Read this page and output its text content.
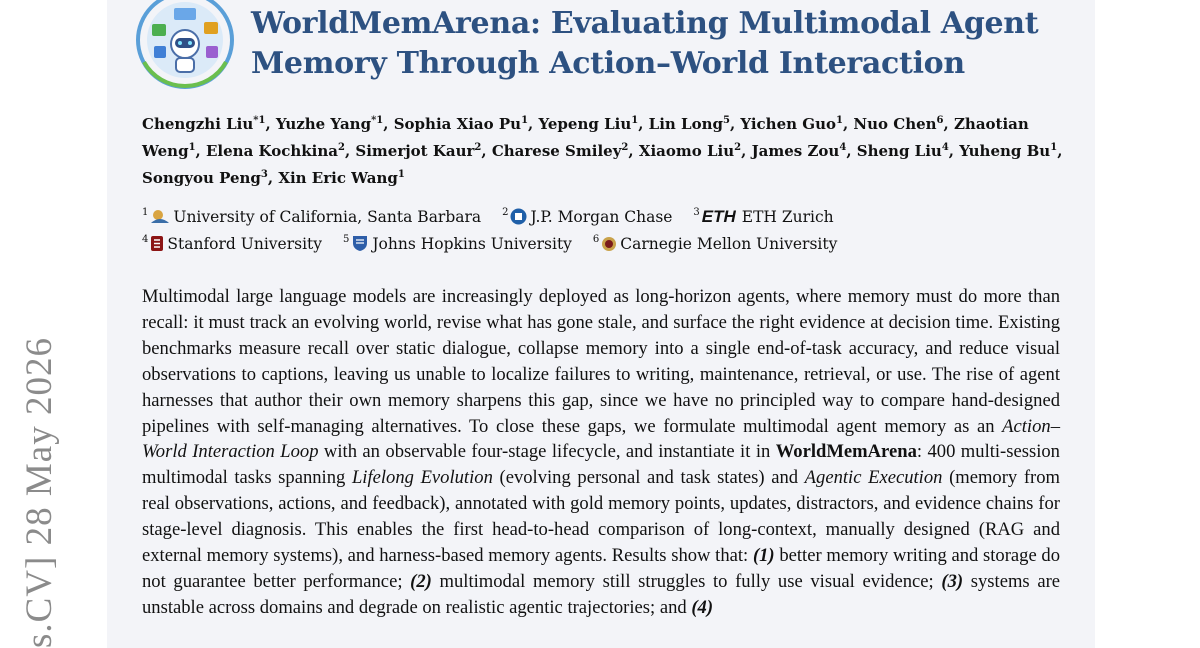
s.CV] 28 May 2026
WorldMemArena: Evaluating Multimodal Agent
Memory Through Action–World Interaction

Chengzhi Liu$^{*1}$, Yuzhe Yang$^{*1}$, Sophia Xiao Pu$^1$, Yepeng Liu$^1$, Lin Long$^5$, Yichen Guo$^1$, Nuo Chen$^6$, Zhaotian Weng$^1$, Elena Kochkina$^2$, Simerjot Kaur$^2$, Charese Smiley$^2$, Xiaomo Liu$^2$, James Zou$^4$, Sheng Liu$^4$, Yuheng Bu$^1$, Songyou Peng$^3$, Xin Eric Wang$^1$

$^1$ University of California, Santa Barbara $^2$ J.P. Morgan Chase $^3$ ETH ETH Zurich
$^4$ Stanford University $^5$ Johns Hopkins University $^6$ Carnegie Mellon University

Multimodal large language models are increasingly deployed as long-horizon agents, where memory must do more than recall: it must track an evolving world, revise what has gone stale, and surface the right evidence at decision time. Existing benchmarks measure recall over static dialogue, collapse memory into a single end-of-task accuracy, and reduce visual observations to captions, leaving us unable to localize failures to writing, maintenance, retrieval, or use. The rise of agent harnesses that author their own memory sharpens this gap, since we have no principled way to compare hand-designed pipelines with self-managing alternatives. To close these gaps, we formulate multimodal agent memory as an Action–World Interaction Loop with an observable four-stage lifecycle, and instantiate it in WorldMemArena: 400 multi-session multimodal tasks spanning Lifelong Evolution (evolving personal and task states) and Agentic Execution (memory from real observations, actions, and feedback), annotated with gold memory points, updates, distractors, and evidence chains for stage-level diagnosis. This enables the first head-to-head comparison of long-context, manually designed (RAG and external memory systems), and harness-based memory agents. Results show that: (1) better memory writing and storage do not guarantee better performance; (2) multimodal memory still struggles to fully use visual evidence; (3) systems are unstable across domains and degrade on realistic agentic trajectories; and (4)
